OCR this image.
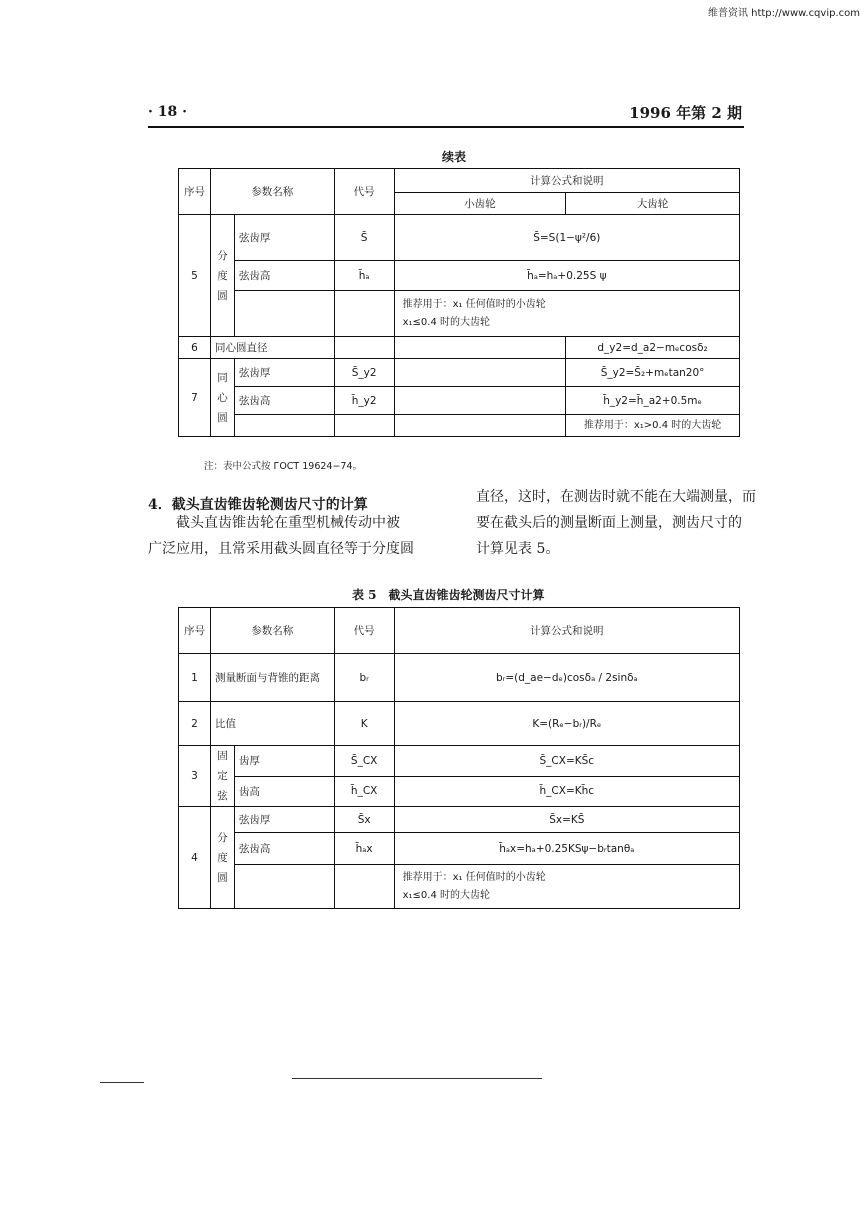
维普资讯 http://www.cqvip.com
· 18 ·	1996 年第 2 期
续表
序号	参数名称		代号	计算公式和说明	
				小齿轮	大齿轮
5	分度圆	弦齿厚	S̄	S̄=S(1−ψ²/6)	
		弦齿高	h̄ₐ	h̄ₐ=hₐ+0.25S ψ	
				推荐用于：x₁ 任何值时的小齿轮
x₁≤0.4 时的大齿轮	
6	同心圆直径				d_y2=d_a2−mₑcosδ₂
7	同心圆	弦齿厚	S̄_y2		S̄_y2=S̄₂+mₑtan20°
		弦齿高	h̄_y2		h̄_y2=h̄_a2+0.5mₑ
					推荐用于：x₁>0.4 时的大齿轮
注：表中公式按 ГОСТ 19624−74。
4．截头直齿锥齿轮测齿尺寸的计算
截头直齿锥齿轮在重型机械传动中被
广泛应用，且常采用截头圆直径等于分度圆
直径，这时，在测齿时就不能在大端测量，而
要在截头后的测量断面上测量，测齿尺寸的
计算见表 5。
表 5　截头直齿锥齿轮测齿尺寸计算
序号	参数名称		代号	计算公式和说明
1	测量断面与背锥的距离		bᵣ	bᵣ=(d_ae−dₑ)cosδₐ / 2sinδₐ
2	比值		K	K=(Rₑ−bᵣ)/Rₑ
3	固定弦	齿厚	S̄_CX	S̄_CX=KS̄c
		齿高	h̄_CX	h̄_CX=Kh̄c
4	分度圆	弦齿厚	S̄x	S̄x=KS̄
		弦齿高	h̄ₐx	h̄ₐx=hₐ+0.25KSψ−bᵣtanθₐ
				推荐用于：x₁ 任何值时的小齿轮
x₁≤0.4 时的大齿轮
